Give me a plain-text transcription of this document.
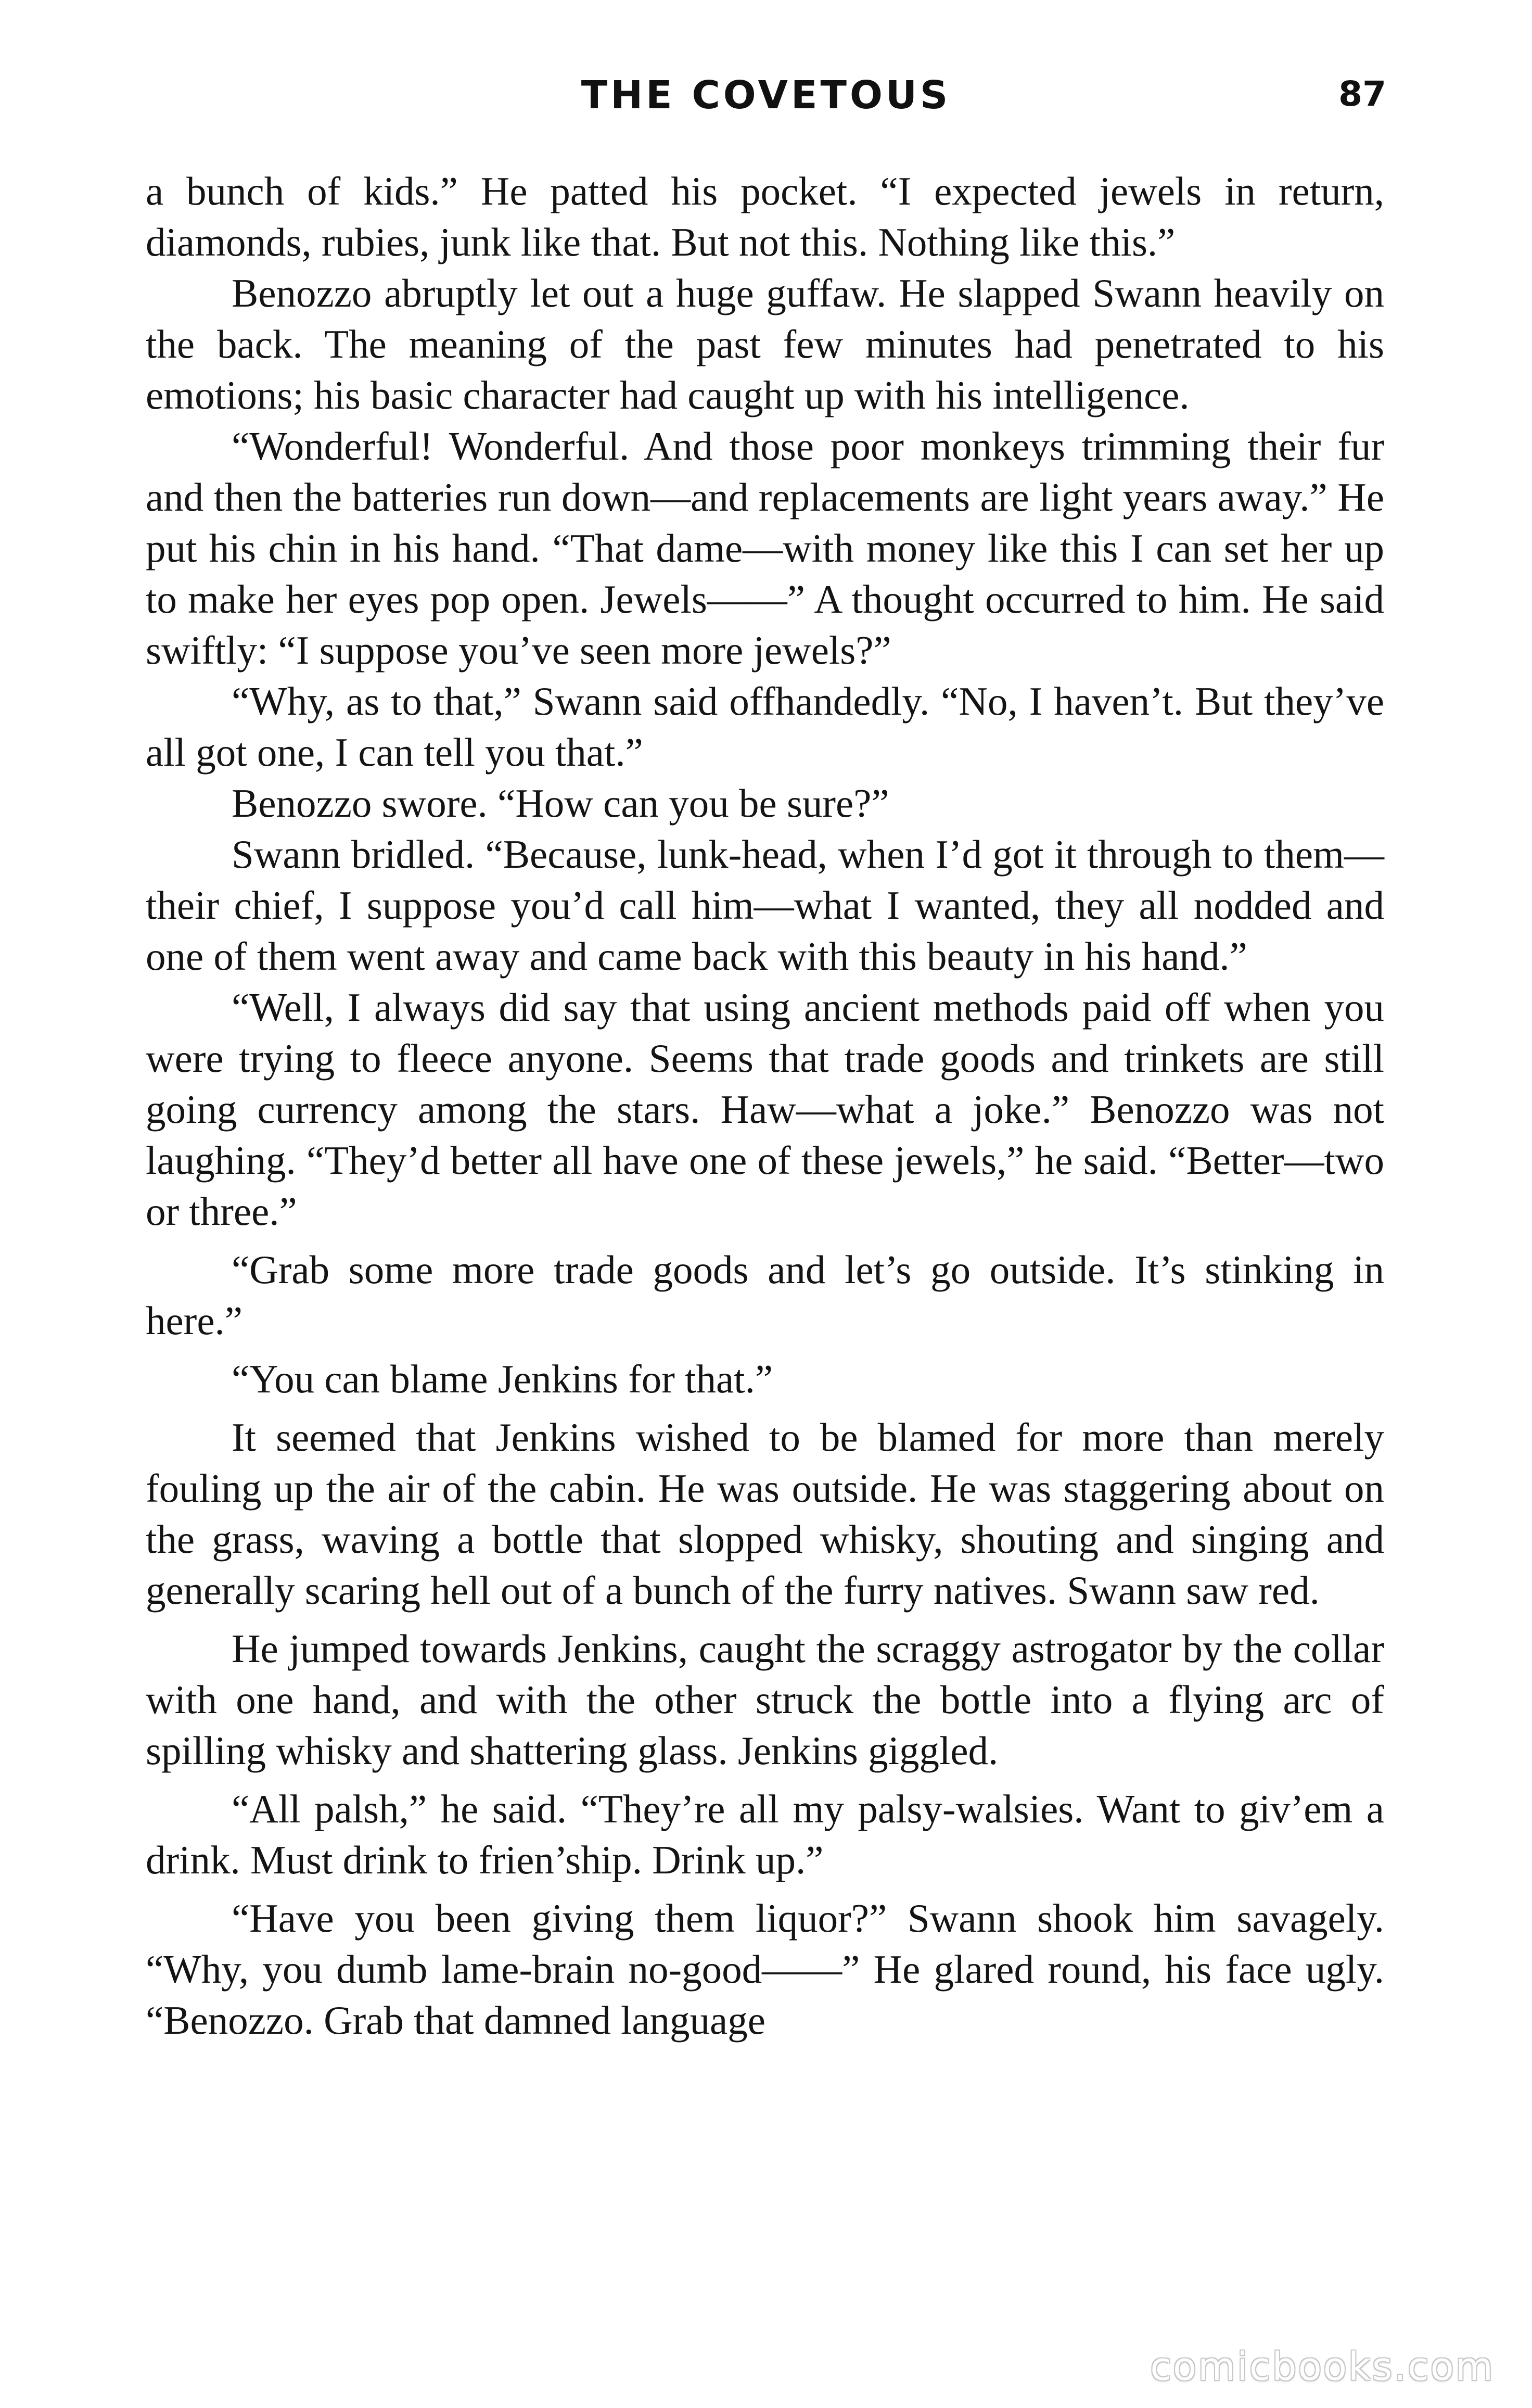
THE COVETOUS	87

a bunch of kids.” He patted his pocket. “I expected jewels in return, diamonds, rubies, junk like that. But not this. Nothing like this.”

Benozzo abruptly let out a huge guffaw. He slapped Swann heavily on the back. The meaning of the past few minutes had penetrated to his emotions; his basic character had caught up with his intelligence.

“Wonderful! Wonderful. And those poor monkeys trimming their fur and then the batteries run down—and replacements are light years away.” He put his chin in his hand. “That dame—with money like this I can set her up to make her eyes pop open. Jewels——” A thought occurred to him. He said swiftly: “I suppose you’ve seen more jewels?”

“Why, as to that,” Swann said offhandedly. “No, I haven’t. But they’ve all got one, I can tell you that.”

Benozzo swore. “How can you be sure?”

Swann bridled. “Because, lunk-head, when I’d got it through to them—their chief, I suppose you’d call him—what I wanted, they all nodded and one of them went away and came back with this beauty in his hand.”

“Well, I always did say that using ancient methods paid off when you were trying to fleece anyone. Seems that trade goods and trinkets are still going currency among the stars. Haw—what a joke.” Benozzo was not laughing. “They’d better all have one of these jewels,” he said. “Better—two or three.”

“Grab some more trade goods and let’s go outside. It’s stinking in here.”

“You can blame Jenkins for that.”

It seemed that Jenkins wished to be blamed for more than merely fouling up the air of the cabin. He was outside. He was staggering about on the grass, waving a bottle that slopped whisky, shouting and singing and generally scaring hell out of a bunch of the furry natives. Swann saw red.

He jumped towards Jenkins, caught the scraggy astrogator by the collar with one hand, and with the other struck the bottle into a flying arc of spilling whisky and shattering glass. Jenkins giggled.

“All palsh,” he said. “They’re all my palsy-walsies. Want to giv’em a drink. Must drink to frien’ship. Drink up.”

“Have you been giving them liquor?” Swann shook him savagely. “Why, you dumb lame-brain no-good——” He glared round, his face ugly. “Benozzo. Grab that damned language

comicbooks.com
